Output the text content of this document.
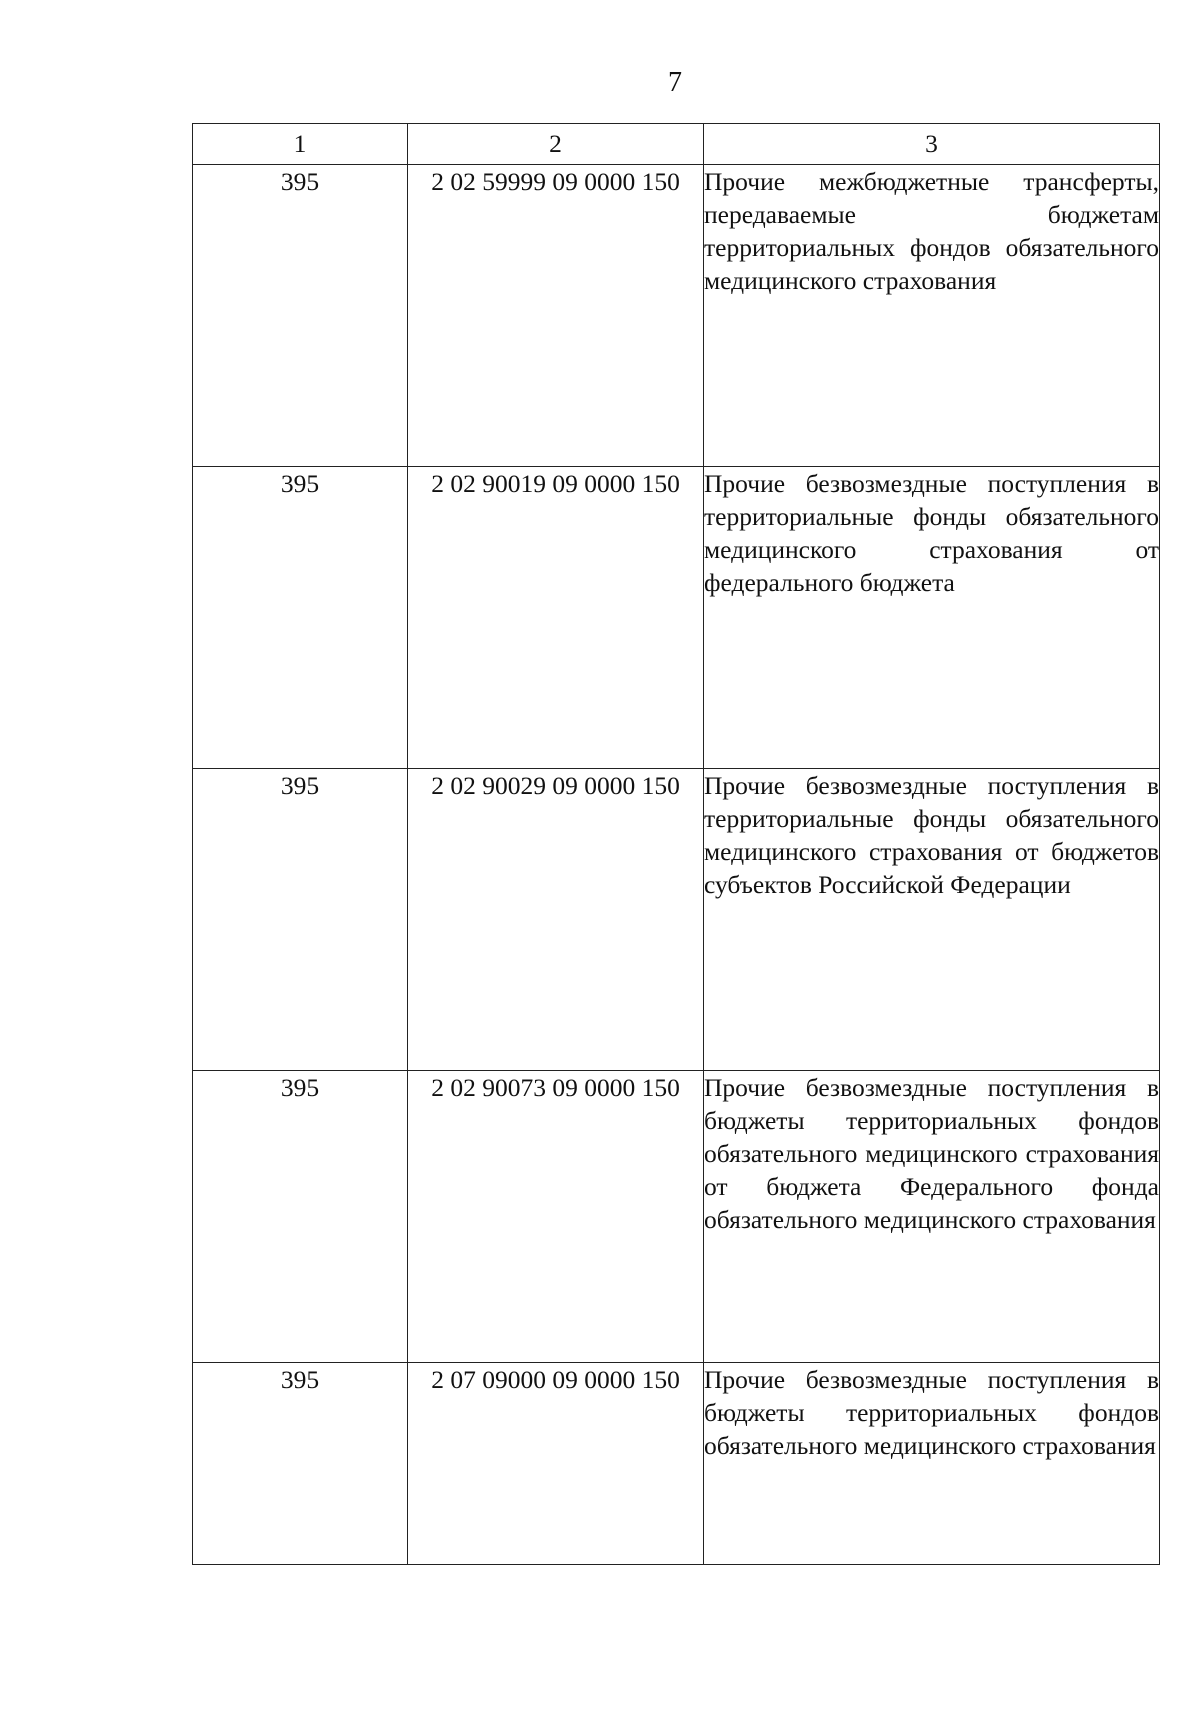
7
1	2	3
395	2 02 59999 09 0000 150	Прочие межбюджетные трансферты, передаваемые бюджетам территориальных фондов обязательного медицинского страхования
395	2 02 90019 09 0000 150	Прочие безвозмездные поступления в территориальные фонды обязательного медицинского страхования от федерального бюджета
395	2 02 90029 09 0000 150	Прочие безвозмездные поступления в территориальные фонды обязательного медицинского страхования от бюджетов субъектов Российской Федерации
395	2 02 90073 09 0000 150	Прочие безвозмездные поступления в бюджеты территориальных фондов обязательного медицинского страхования от бюджета Федерального фонда обязательного медицинского страхования
395	2 07 09000 09 0000 150	Прочие безвозмездные поступления в бюджеты территориальных фондов обязательного медицинского страхования
